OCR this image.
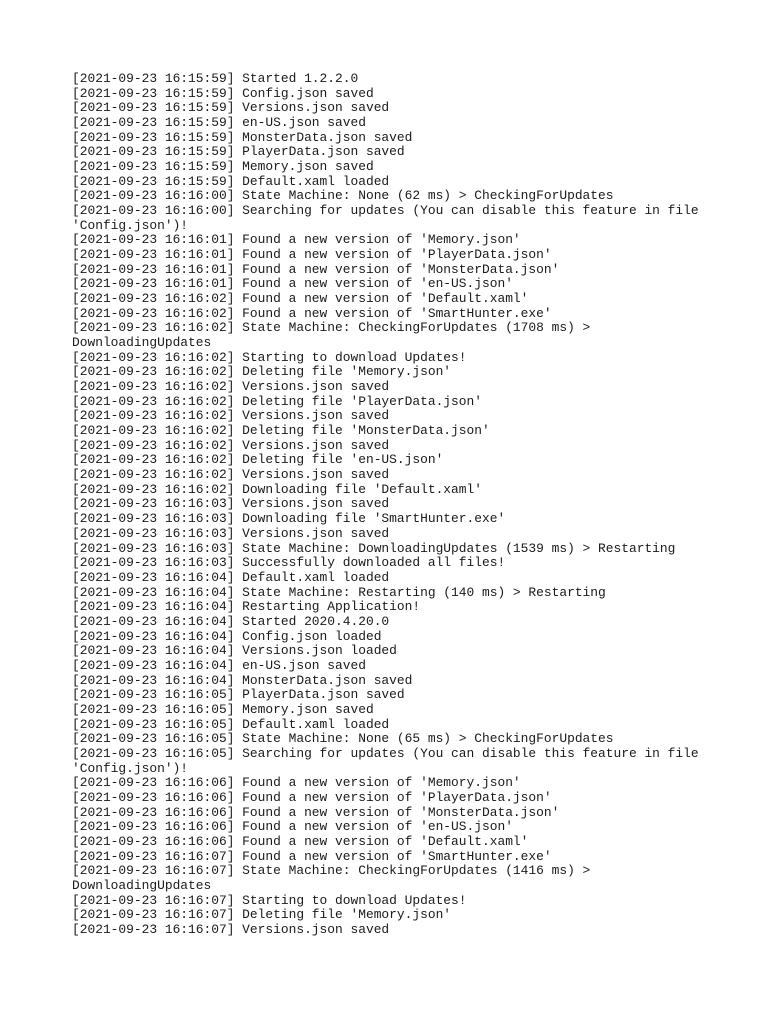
[2021-09-23 16:15:59] Started 1.2.2.0
[2021-09-23 16:15:59] Config.json saved
[2021-09-23 16:15:59] Versions.json saved
[2021-09-23 16:15:59] en-US.json saved
[2021-09-23 16:15:59] MonsterData.json saved
[2021-09-23 16:15:59] PlayerData.json saved
[2021-09-23 16:15:59] Memory.json saved
[2021-09-23 16:15:59] Default.xaml loaded
[2021-09-23 16:16:00] State Machine: None (62 ms) > CheckingForUpdates
[2021-09-23 16:16:00] Searching for updates (You can disable this feature in file
'Config.json')!
[2021-09-23 16:16:01] Found a new version of 'Memory.json'
[2021-09-23 16:16:01] Found a new version of 'PlayerData.json'
[2021-09-23 16:16:01] Found a new version of 'MonsterData.json'
[2021-09-23 16:16:01] Found a new version of 'en-US.json'
[2021-09-23 16:16:02] Found a new version of 'Default.xaml'
[2021-09-23 16:16:02] Found a new version of 'SmartHunter.exe'
[2021-09-23 16:16:02] State Machine: CheckingForUpdates (1708 ms) >
DownloadingUpdates
[2021-09-23 16:16:02] Starting to download Updates!
[2021-09-23 16:16:02] Deleting file 'Memory.json'
[2021-09-23 16:16:02] Versions.json saved
[2021-09-23 16:16:02] Deleting file 'PlayerData.json'
[2021-09-23 16:16:02] Versions.json saved
[2021-09-23 16:16:02] Deleting file 'MonsterData.json'
[2021-09-23 16:16:02] Versions.json saved
[2021-09-23 16:16:02] Deleting file 'en-US.json'
[2021-09-23 16:16:02] Versions.json saved
[2021-09-23 16:16:02] Downloading file 'Default.xaml'
[2021-09-23 16:16:03] Versions.json saved
[2021-09-23 16:16:03] Downloading file 'SmartHunter.exe'
[2021-09-23 16:16:03] Versions.json saved
[2021-09-23 16:16:03] State Machine: DownloadingUpdates (1539 ms) > Restarting
[2021-09-23 16:16:03] Successfully downloaded all files!
[2021-09-23 16:16:04] Default.xaml loaded
[2021-09-23 16:16:04] State Machine: Restarting (140 ms) > Restarting
[2021-09-23 16:16:04] Restarting Application!
[2021-09-23 16:16:04] Started 2020.4.20.0
[2021-09-23 16:16:04] Config.json loaded
[2021-09-23 16:16:04] Versions.json loaded
[2021-09-23 16:16:04] en-US.json saved
[2021-09-23 16:16:04] MonsterData.json saved
[2021-09-23 16:16:05] PlayerData.json saved
[2021-09-23 16:16:05] Memory.json saved
[2021-09-23 16:16:05] Default.xaml loaded
[2021-09-23 16:16:05] State Machine: None (65 ms) > CheckingForUpdates
[2021-09-23 16:16:05] Searching for updates (You can disable this feature in file
'Config.json')!
[2021-09-23 16:16:06] Found a new version of 'Memory.json'
[2021-09-23 16:16:06] Found a new version of 'PlayerData.json'
[2021-09-23 16:16:06] Found a new version of 'MonsterData.json'
[2021-09-23 16:16:06] Found a new version of 'en-US.json'
[2021-09-23 16:16:06] Found a new version of 'Default.xaml'
[2021-09-23 16:16:07] Found a new version of 'SmartHunter.exe'
[2021-09-23 16:16:07] State Machine: CheckingForUpdates (1416 ms) >
DownloadingUpdates
[2021-09-23 16:16:07] Starting to download Updates!
[2021-09-23 16:16:07] Deleting file 'Memory.json'
[2021-09-23 16:16:07] Versions.json saved
